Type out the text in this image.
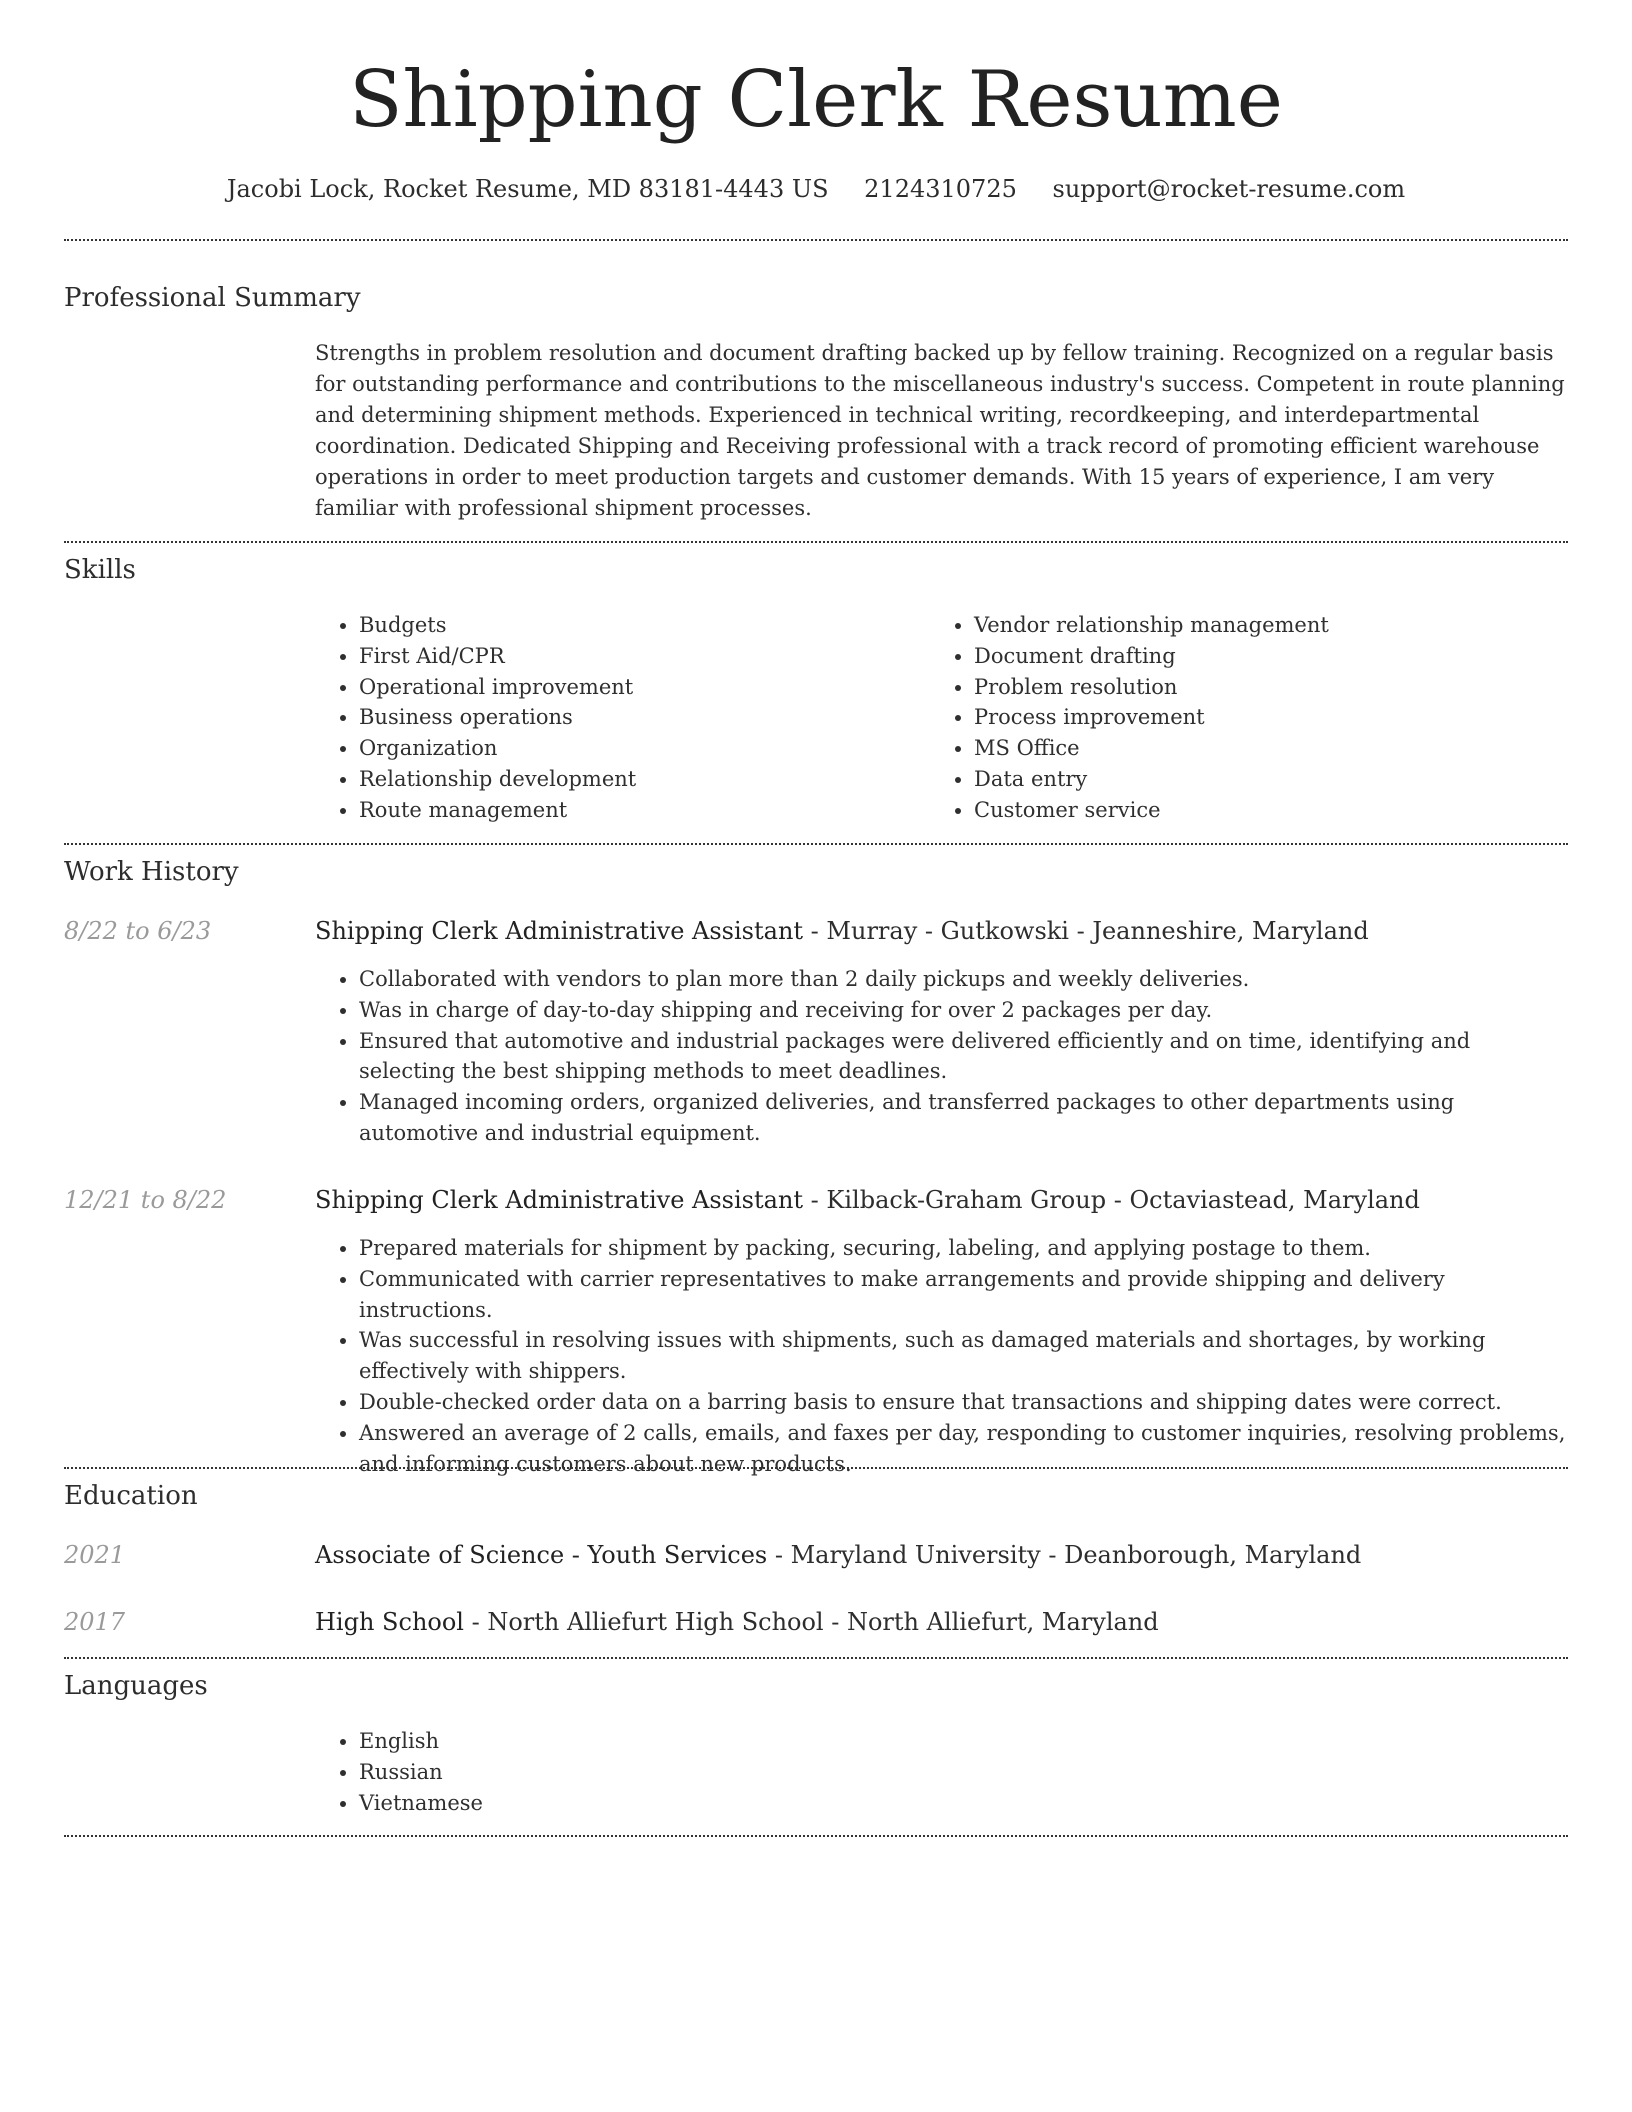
Shipping Clerk Resume
Jacobi Lock, Rocket Resume, MD 83181-4443 US 2124310725 support@rocket-resume.com
Professional Summary

Strengths in problem resolution and document drafting backed up by fellow training. Recognized on a regular basis for outstanding performance and contributions to the miscellaneous industry's success. Competent in route planning and determining shipment methods. Experienced in technical writing, recordkeeping, and interdepartmental coordination. Dedicated Shipping and Receiving professional with a track record of promoting efficient warehouse operations in order to meet production targets and customer demands. With 15 years of experience, I am very familiar with professional shipment processes.

Skills
• Budgets
• First Aid/CPR
• Operational improvement
• Business operations
• Organization
• Relationship development
• Route management
• Vendor relationship management
• Document drafting
• Problem resolution
• Process improvement
• MS Office
• Data entry
• Customer service
Work History
8/22 to 6/23	Shipping Clerk Administrative Assistant - Murray - Gutkowski - Jeanneshire, Maryland
• Collaborated with vendors to plan more than 2 daily pickups and weekly deliveries.
• Was in charge of day-to-day shipping and receiving for over 2 packages per day.
• Ensured that automotive and industrial packages were delivered efficiently and on time, identifying and selecting the best shipping methods to meet deadlines.
• Managed incoming orders, organized deliveries, and transferred packages to other departments using automotive and industrial equipment.
12/21 to 8/22	Shipping Clerk Administrative Assistant - Kilback-Graham Group - Octaviastead, Maryland
• Prepared materials for shipment by packing, securing, labeling, and applying postage to them.
• Communicated with carrier representatives to make arrangements and provide shipping and delivery instructions.
• Was successful in resolving issues with shipments, such as damaged materials and shortages, by working effectively with shippers.
• Double-checked order data on a barring basis to ensure that transactions and shipping dates were correct.
• Answered an average of 2 calls, emails, and faxes per day, responding to customer inquiries, resolving problems, and informing customers about new products.
Education
2021	Associate of Science - Youth Services - Maryland University - Deanborough, Maryland
2017	High School - North Alliefurt High School - North Alliefurt, Maryland
Languages
• English
• Russian
• Vietnamese
